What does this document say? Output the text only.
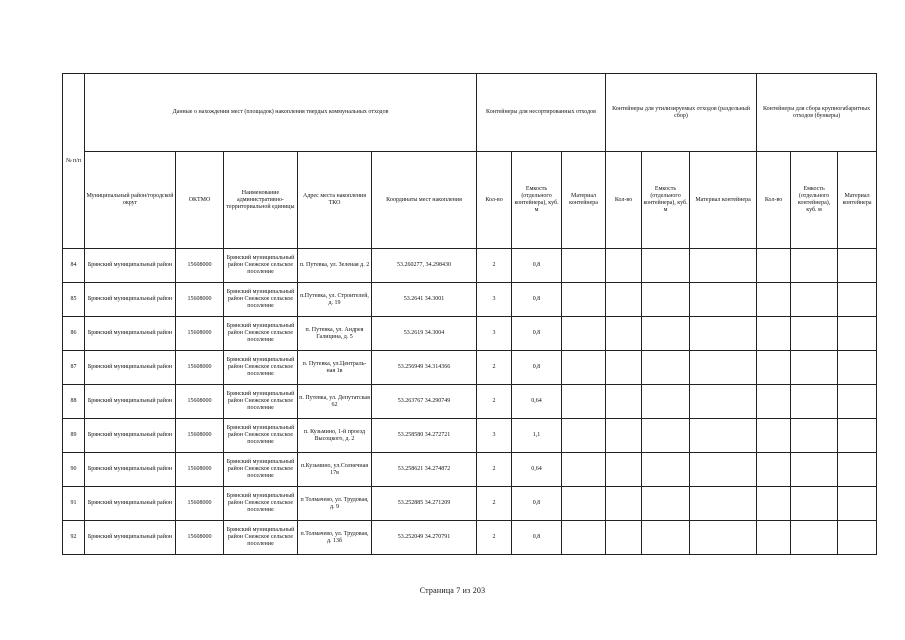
№ п/п	Данные о нахождении мест (площадок) накопления твердых коммунальных отходов					Контейнеры для несортированных отходов			Контейнеры для утилизируемых отходов (раздельный сбор)			Контейнеры для сбора крупногабаритных отходов (бункеры)		
	Муниципальный район/городской округ	ОКТМО	Наименование административно-территориальной единицы	Адрес места накопления ТКО	Координаты мест накопления	Кол-во	Емкость (отдельного контейнера), куб. м	Материал контейнера	Кол-во	Емкость (отдельного контейнера), куб. м	Материал контейнера	Кол-во	Емкость (отдельного контейнера), куб. м	Материал контейнера
84	Брянский муниципальный район	15608000	Брянский муниципальный район Снежское сельское поселение	п. Путевка, ул. Зеленая д. 2	53.260277, 34.298430	2	0,8							
85	Брянский муниципальный район	15608000	Брянский муниципальный район Снежское сельское поселение	п.Путевка, ул. Строителей, д. 19	53.2641 34.3001	3	0,8							
86	Брянский муниципальный район	15608000	Брянский муниципальный район Снежское сельское поселение	п. Путевка, ул. Андрея Галицина, д. 5	53.2619 34.3004	3	0,8							
87	Брянский муниципальный район	15608000	Брянский муниципальный район Снежское сельское поселение	п. Путевка, ул.Централь-ная 1в	53.256949 34.314366	2	0,8							
88	Брянский муниципальный район	15608000	Брянский муниципальный район Снежское сельское поселение	п. Путевка, ул. Депутатская 62	53.263767 34.290749	2	0,64							
89	Брянский муниципальный район	15608000	Брянский муниципальный район Снежское сельское поселение	п. Кузьмино, 1-й проезд Высоцкого, д. 2	53.258580 34.272721	3	1,1							
90	Брянский муниципальный район	15608000	Брянский муниципальный район Снежское сельское поселение	п.Кузьмино, ул.Солнечная 17в	53.258621 34.274872	2	0,64							
91	Брянский муниципальный район	15608000	Брянский муниципальный район Снежское сельское поселение	п Толмачево, ул. Трудовая, д. 9	53.252885 34.271209	2	0,8							
92	Брянский муниципальный район	15608000	Брянский муниципальный район Снежское сельское поселение	п.Толмачево, ул. Трудовая, д. 13б	53.252049 34.270791	2	0,8							
Страница 7 из 203
